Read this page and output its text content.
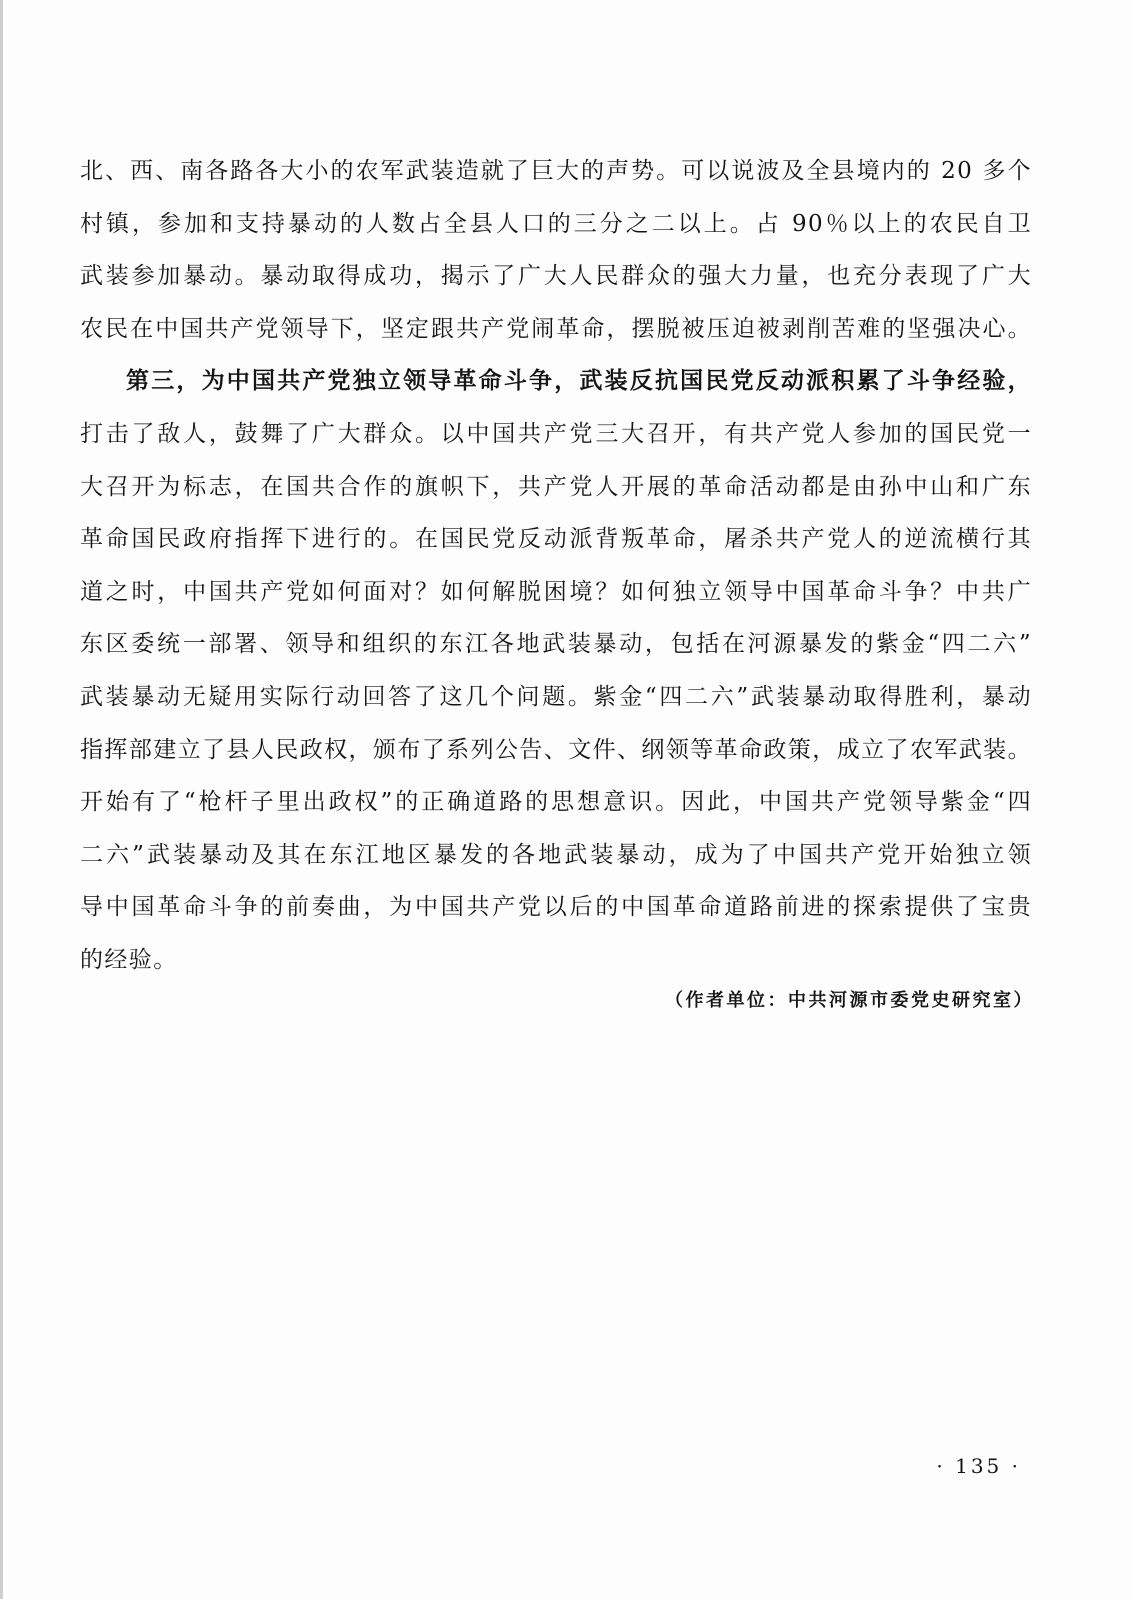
北、西、南各路各大小的农军武装造就了巨大的声势。可以说波及全县境内的 20 多个
村镇，参加和支持暴动的人数占全县人口的三分之二以上。占 90％以上的农民自卫
武装参加暴动。暴动取得成功，揭示了广大人民群众的强大力量，也充分表现了广大
农民在中国共产党领导下，坚定跟共产党闹革命，摆脱被压迫被剥削苦难的坚强决心。
第三，为中国共产党独立领导革命斗争，武装反抗国民党反动派积累了斗争经验，
打击了敌人，鼓舞了广大群众。以中国共产党三大召开，有共产党人参加的国民党一
大召开为标志，在国共合作的旗帜下，共产党人开展的革命活动都是由孙中山和广东
革命国民政府指挥下进行的。在国民党反动派背叛革命，屠杀共产党人的逆流横行其
道之时，中国共产党如何面对？如何解脱困境？如何独立领导中国革命斗争？中共广
东区委统一部署、领导和组织的东江各地武装暴动，包括在河源暴发的紫金“四二六”
武装暴动无疑用实际行动回答了这几个问题。紫金“四二六”武装暴动取得胜利，暴动
指挥部建立了县人民政权，颁布了系列公告、文件、纲领等革命政策，成立了农军武装。
开始有了“枪杆子里出政权”的正确道路的思想意识。因此，中国共产党领导紫金“四
二六”武装暴动及其在东江地区暴发的各地武装暴动，成为了中国共产党开始独立领
导中国革命斗争的前奏曲，为中国共产党以后的中国革命道路前进的探索提供了宝贵
的经验。
（作者单位：中共河源市委党史研究室）
· 135 ·
